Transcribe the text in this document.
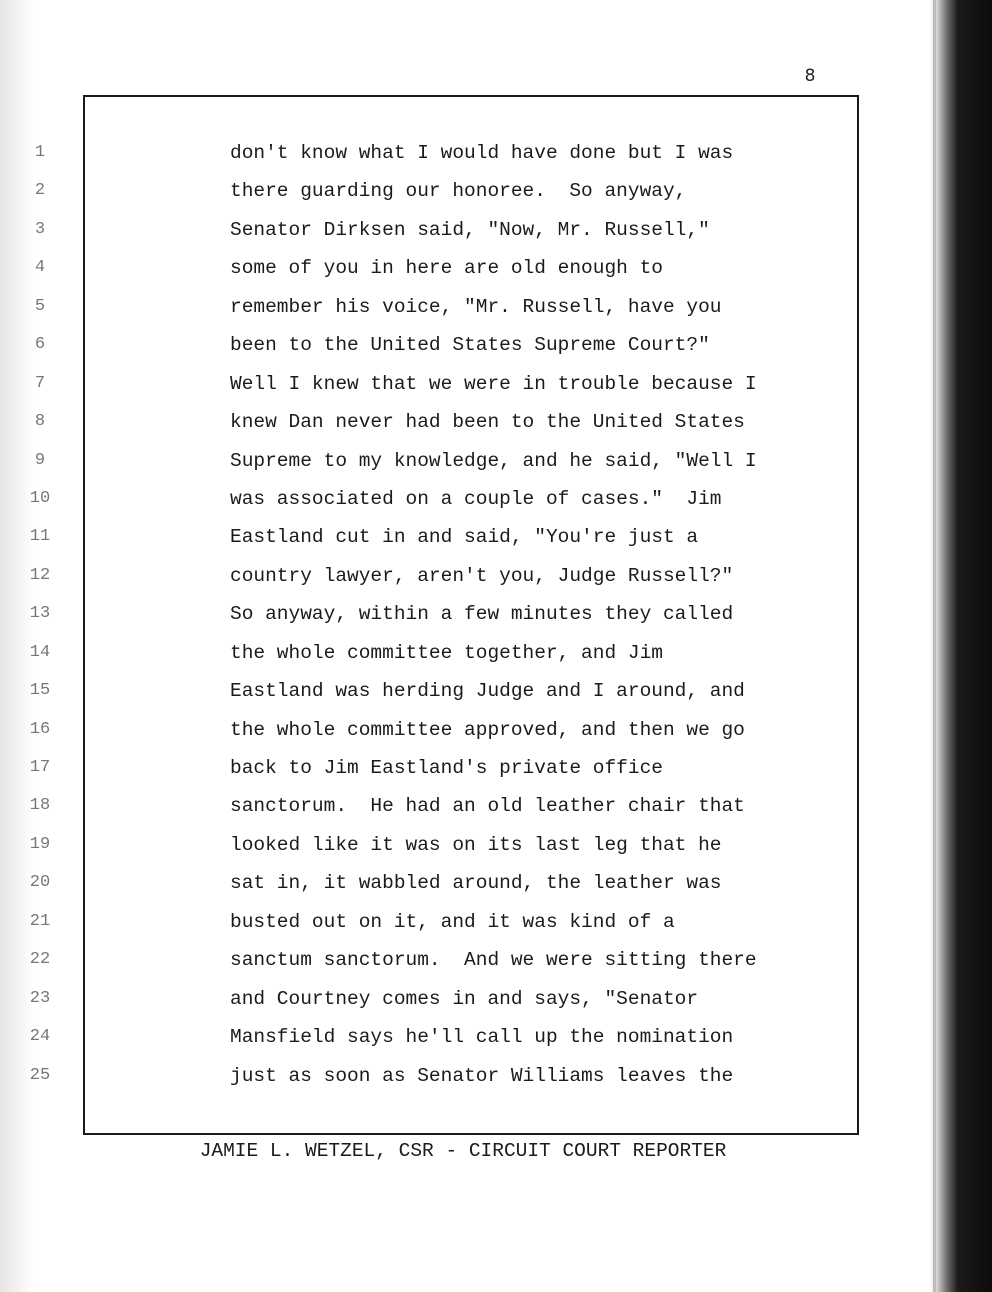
8
1
2
3
4
5
6
7
8
9
10
11
12
13
14
15
16
17
18
19
20
21
22
23
24
25
don't know what I would have done but I was
there guarding our honoree.  So anyway,
Senator Dirksen said, "Now, Mr. Russell,"
some of you in here are old enough to
remember his voice, "Mr. Russell, have you
been to the United States Supreme Court?"
Well I knew that we were in trouble because I
knew Dan never had been to the United States
Supreme to my knowledge, and he said, "Well I
was associated on a couple of cases."  Jim
Eastland cut in and said, "You're just a
country lawyer, aren't you, Judge Russell?"
So anyway, within a few minutes they called
the whole committee together, and Jim
Eastland was herding Judge and I around, and
the whole committee approved, and then we go
back to Jim Eastland's private office
sanctorum.  He had an old leather chair that
looked like it was on its last leg that he
sat in, it wabbled around, the leather was
busted out on it, and it was kind of a
sanctum sanctorum.  And we were sitting there
and Courtney comes in and says, "Senator
Mansfield says he'll call up the nomination
just as soon as Senator Williams leaves the
JAMIE L. WETZEL, CSR - CIRCUIT COURT REPORTER
